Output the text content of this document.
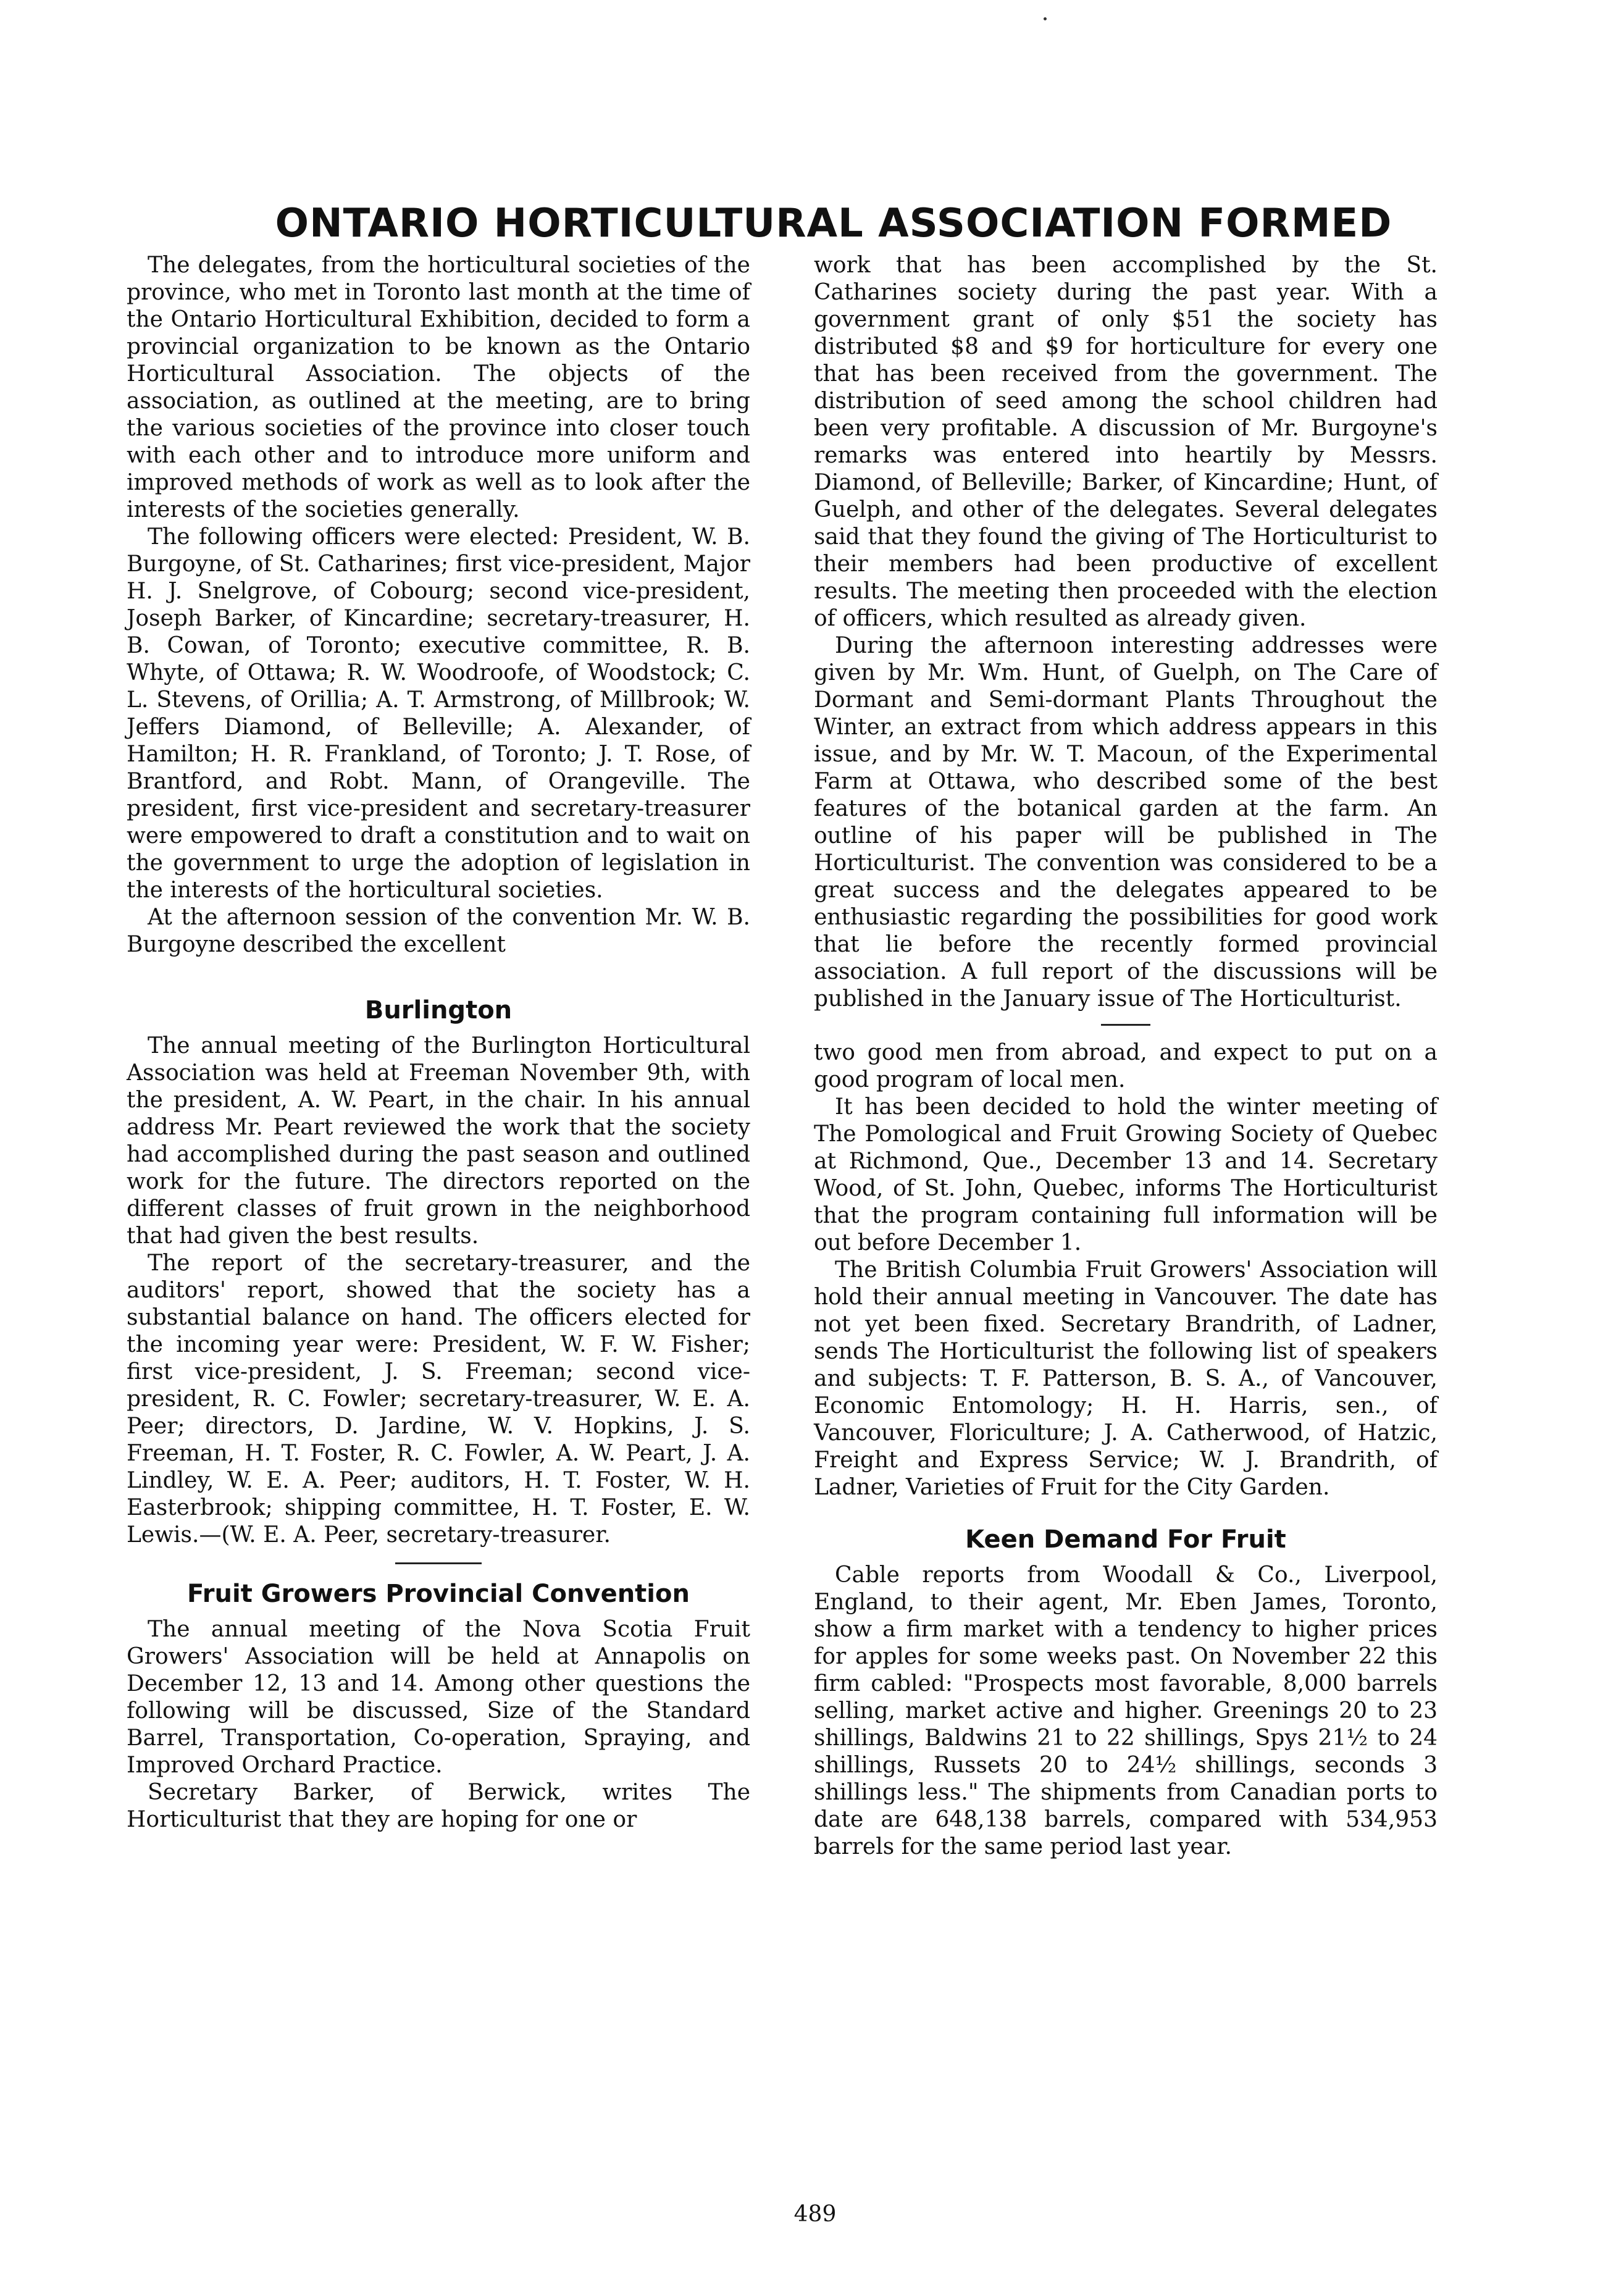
ONTARIO HORTICULTURAL ASSOCIATION FORMED

The delegates, from the horticultural societies of the province, who met in Toronto last month at the time of the Ontario Horticultural Exhibition, decided to form a provincial organization to be known as the Ontario Horticultural Association. The objects of the association, as outlined at the meeting, are to bring the various societies of the province into closer touch with each other and to introduce more uniform and improved methods of work as well as to look after the interests of the societies generally.

The following officers were elected: President, W. B. Burgoyne, of St. Catharines; first vice-president, Major H. J. Snelgrove, of Cobourg; second vice-president, Joseph Barker, of Kincardine; secretary-treasurer, H. B. Cowan, of Toronto; executive committee, R. B. Whyte, of Ottawa; R. W. Woodroofe, of Woodstock; C. L. Stevens, of Orillia; A. T. Armstrong, of Millbrook; W. Jeffers Diamond, of Belleville; A. Alexander, of Hamilton; H. R. Frankland, of Toronto; J. T. Rose, of Brantford, and Robt. Mann, of Orangeville. The president, first vice-president and secretary-treasurer were empowered to draft a constitution and to wait on the government to urge the adoption of legislation in the interests of the horticultural societies.

At the afternoon session of the convention Mr. W. B. Burgoyne described the excellent

Burlington

The annual meeting of the Burlington Horticultural Association was held at Freeman November 9th, with the president, A. W. Peart, in the chair. In his annual address Mr. Peart reviewed the work that the society had accomplished during the past season and outlined work for the future. The directors reported on the different classes of fruit grown in the neighborhood that had given the best results.

The report of the secretary-treasurer, and the auditors' report, showed that the society has a substantial balance on hand. The officers elected for the incoming year were: President, W. F. W. Fisher; first vice-president, J. S. Freeman; second vice-president, R. C. Fowler; secretary-treasurer, W. E. A. Peer; directors, D. Jardine, W. V. Hopkins, J. S. Freeman, H. T. Foster, R. C. Fowler, A. W. Peart, J. A. Lindley, W. E. A. Peer; auditors, H. T. Foster, W. H. Easterbrook; shipping committee, H. T. Foster, E. W. Lewis.—(W. E. A. Peer, secretary-treasurer.

Fruit Growers Provincial Convention

The annual meeting of the Nova Scotia Fruit Growers' Association will be held at Annapolis on December 12, 13 and 14. Among other questions the following will be discussed, Size of the Standard Barrel, Transportation, Co-operation, Spraying, and Improved Orchard Practice.

Secretary Barker, of Berwick, writes The Horticulturist that they are hoping for one or

work that has been accomplished by the St. Catharines society during the past year. With a government grant of only $51 the society has distributed $8 and $9 for horticulture for every one that has been received from the government. The distribution of seed among the school children had been very profitable. A discussion of Mr. Burgoyne's remarks was entered into heartily by Messrs. Diamond, of Belleville; Barker, of Kincardine; Hunt, of Guelph, and other of the delegates. Several delegates said that they found the giving of The Horticulturist to their members had been productive of excellent results. The meeting then proceeded with the election of officers, which resulted as already given.

During the afternoon interesting addresses were given by Mr. Wm. Hunt, of Guelph, on The Care of Dormant and Semi-dormant Plants Throughout the Winter, an extract from which address appears in this issue, and by Mr. W. T. Macoun, of the Experimental Farm at Ottawa, who described some of the best features of the botanical garden at the farm. An outline of his paper will be published in The Horticulturist. The convention was considered to be a great success and the delegates appeared to be enthusiastic regarding the possibilities for good work that lie before the recently formed provincial association. A full report of the discussions will be published in the January issue of The Horticulturist.

two good men from abroad, and expect to put on a good program of local men.

It has been decided to hold the winter meeting of The Pomological and Fruit Growing Society of Quebec at Richmond, Que., December 13 and 14. Secretary Wood, of St. John, Quebec, informs The Horticulturist that the program containing full information will be out before December 1.

The British Columbia Fruit Growers' Association will hold their annual meeting in Vancouver. The date has not yet been fixed. Secretary Brandrith, of Ladner, sends The Horticulturist the following list of speakers and subjects: T. F. Patterson, B. S. A., of Vancouver, Economic Entomology; H. H. Harris, sen., of Vancouver, Floriculture; J. A. Catherwood, of Hatzic, Freight and Express Service; W. J. Brandrith, of Ladner, Varieties of Fruit for the City Garden.

Keen Demand For Fruit

Cable reports from Woodall & Co., Liverpool, England, to their agent, Mr. Eben James, Toronto, show a firm market with a tendency to higher prices for apples for some weeks past. On November 22 this firm cabled: "Prospects most favorable, 8,000 barrels selling, market active and higher. Greenings 20 to 23 shillings, Baldwins 21 to 22 shillings, Spys 21½ to 24 shillings, Russets 20 to 24½ shillings, seconds 3 shillings less." The shipments from Canadian ports to date are 648,138 barrels, compared with 534,953 barrels for the same period last year.

489
